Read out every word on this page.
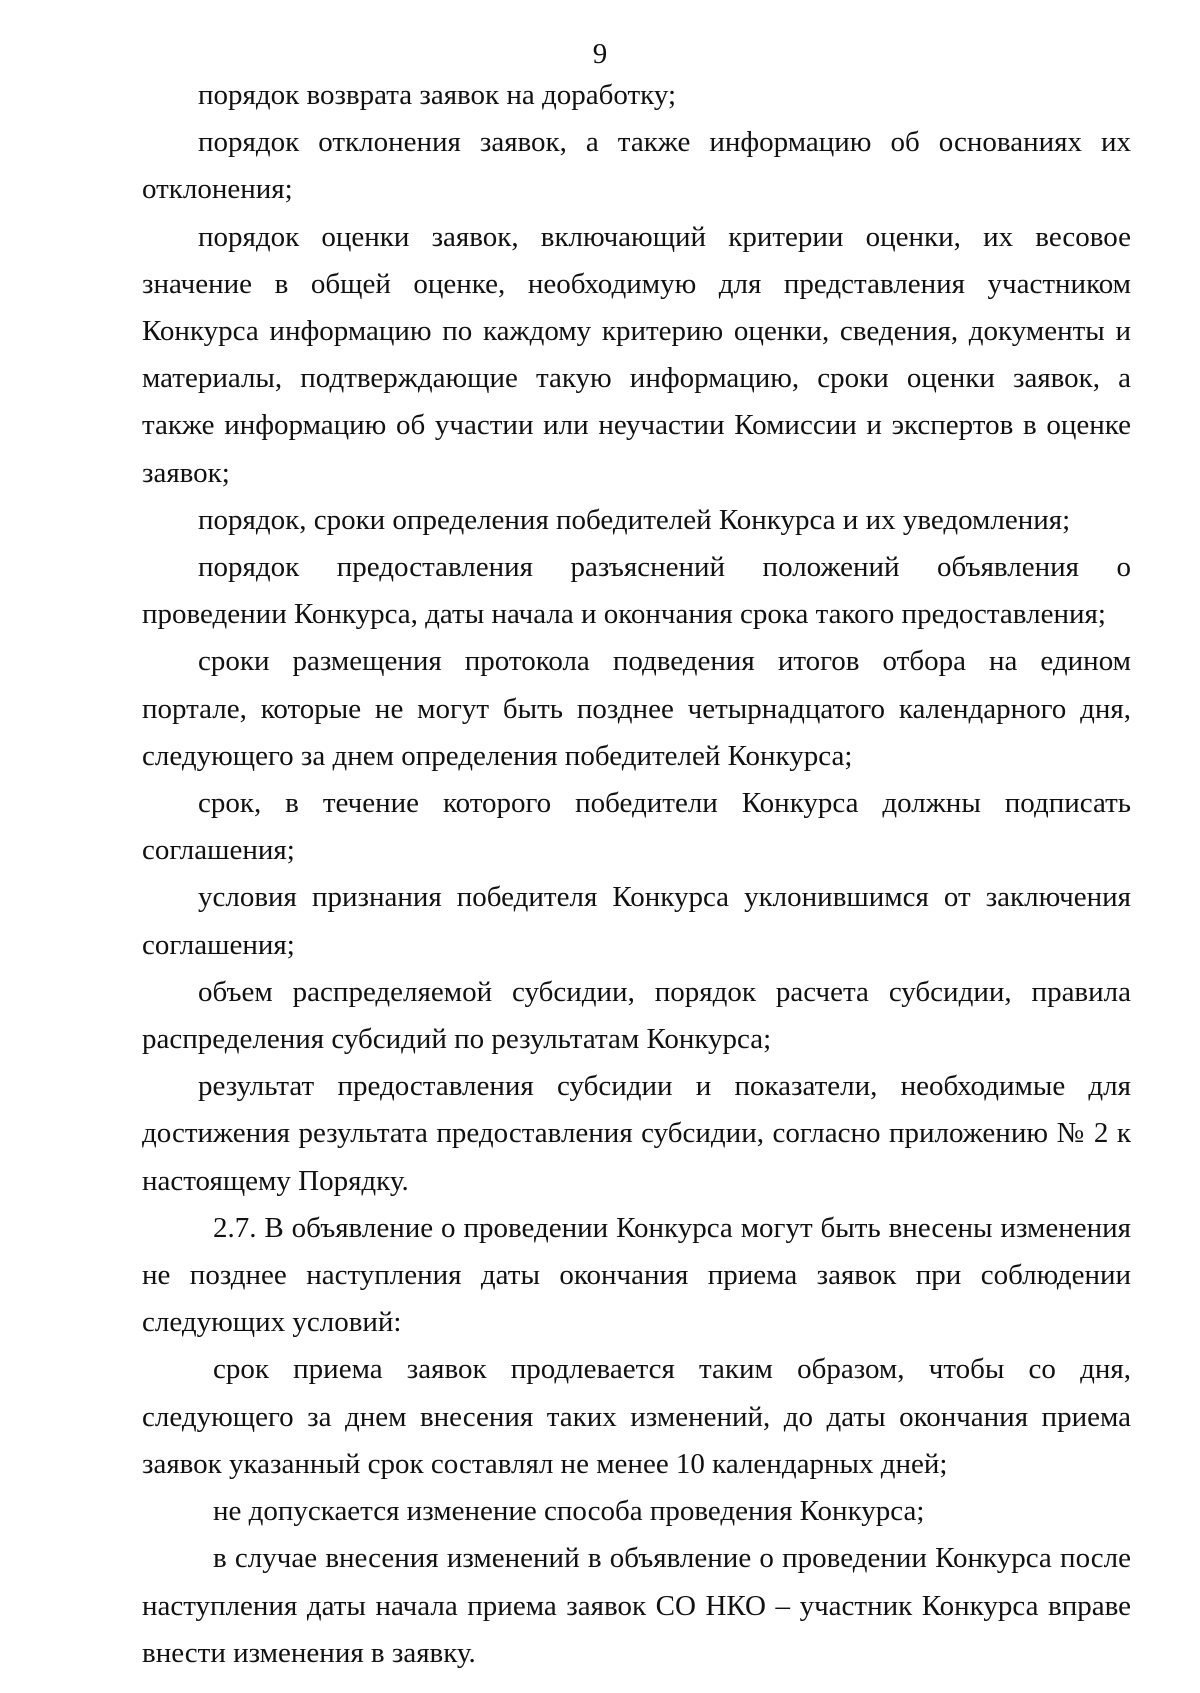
9

порядок возврата заявок на доработку;

порядок отклонения заявок, а также информацию об основаниях их отклонения;

порядок оценки заявок, включающий критерии оценки, их весовое значение в общей оценке, необходимую для представления участником Конкурса информацию по каждому критерию оценки, сведения, документы и материалы, подтверждающие такую информацию, сроки оценки заявок, а также информацию об участии или неучастии Комиссии и экспертов в оценке заявок;

порядок, сроки определения победителей Конкурса и их уведомления;

порядок предоставления разъяснений положений объявления о проведении Конкурса, даты начала и окончания срока такого предоставления;

сроки размещения протокола подведения итогов отбора на едином портале, которые не могут быть позднее четырнадцатого календарного дня, следующего за днем определения победителей Конкурса;

срок, в течение которого победители Конкурса должны подписать соглашения;

условия признания победителя Конкурса уклонившимся от заключения соглашения;

объем распределяемой субсидии, порядок расчета субсидии, правила распределения субсидий по результатам Конкурса;

результат предоставления субсидии и показатели, необходимые для достижения результата предоставления субсидии, согласно приложению № 2 к настоящему Порядку.

2.7. В объявление о проведении Конкурса могут быть внесены изменения не позднее наступления даты окончания приема заявок при соблюдении следующих условий:

срок приема заявок продлевается таким образом, чтобы со дня, следующего за днем внесения таких изменений, до даты окончания приема заявок указанный срок составлял не менее 10 календарных дней;

не допускается изменение способа проведения Конкурса;

в случае внесения изменений в объявление о проведении Конкурса после наступления даты начала приема заявок СО НКО – участник Конкурса вправе внести изменения в заявку.
